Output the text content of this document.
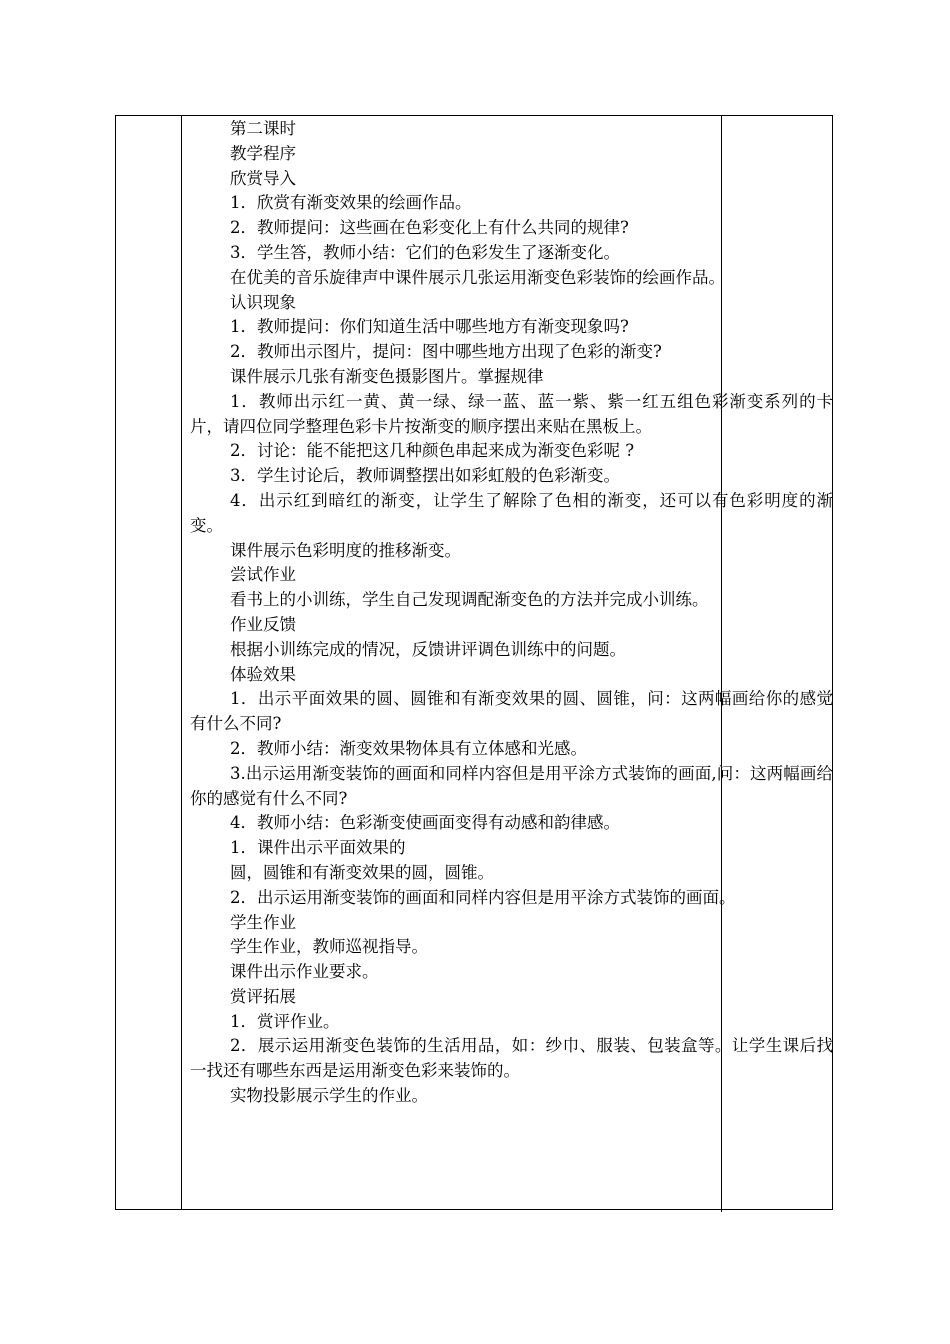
第二课时
教学程序
欣赏导入
1．欣赏有渐变效果的绘画作品。
2．教师提问：这些画在色彩变化上有什么共同的规律?
3．学生答，教师小结：它们的色彩发生了逐渐变化。
在优美的音乐旋律声中课件展示几张运用渐变色彩装饰的绘画作品。
认识现象
1．教师提问：你们知道生活中哪些地方有渐变现象吗?
2．教师出示图片，提问：图中哪些地方出现了色彩的渐变?
课件展示几张有渐变色摄影图片。掌握规律
1．教师出示红一黄、黄一绿、绿一蓝、蓝一紫、紫一红五组色彩渐变系列的卡片，请四位同学整理色彩卡片按渐变的顺序摆出来贴在黑板上。
2．讨论：能不能把这几种颜色串起来成为渐变色彩呢 ?
3．学生讨论后，教师调整摆出如彩虹般的色彩渐变。
4．出示红到暗红的渐变，让学生了解除了色相的渐变，还可以有色彩明度的渐变。
课件展示色彩明度的推移渐变。
尝试作业
看书上的小训练，学生自己发现调配渐变色的方法并完成小训练。
作业反馈
根据小训练完成的情况，反馈讲评调色训练中的问题。
体验效果
1．出示平面效果的圆、圆锥和有渐变效果的圆、圆锥，问：这两幅画给你的感觉有什么不同?
2．教师小结：渐变效果物体具有立体感和光感。
3.出示运用渐变装饰的画面和同样内容但是用平涂方式装饰的画面,问：这两幅画给你的感觉有什么不同?
4．教师小结：色彩渐变使画面变得有动感和韵律感。
1．课件出示平面效果的
圆，圆锥和有渐变效果的圆，圆锥。
2．出示运用渐变装饰的画面和同样内容但是用平涂方式装饰的画面。
学生作业
学生作业，教师巡视指导。
课件出示作业要求。
赏评拓展
1．赏评作业。
2．展示运用渐变色装饰的生活用品，如：纱巾、服装、包装盒等。让学生课后找一找还有哪些东西是运用渐变色彩来装饰的。
实物投影展示学生的作业。
